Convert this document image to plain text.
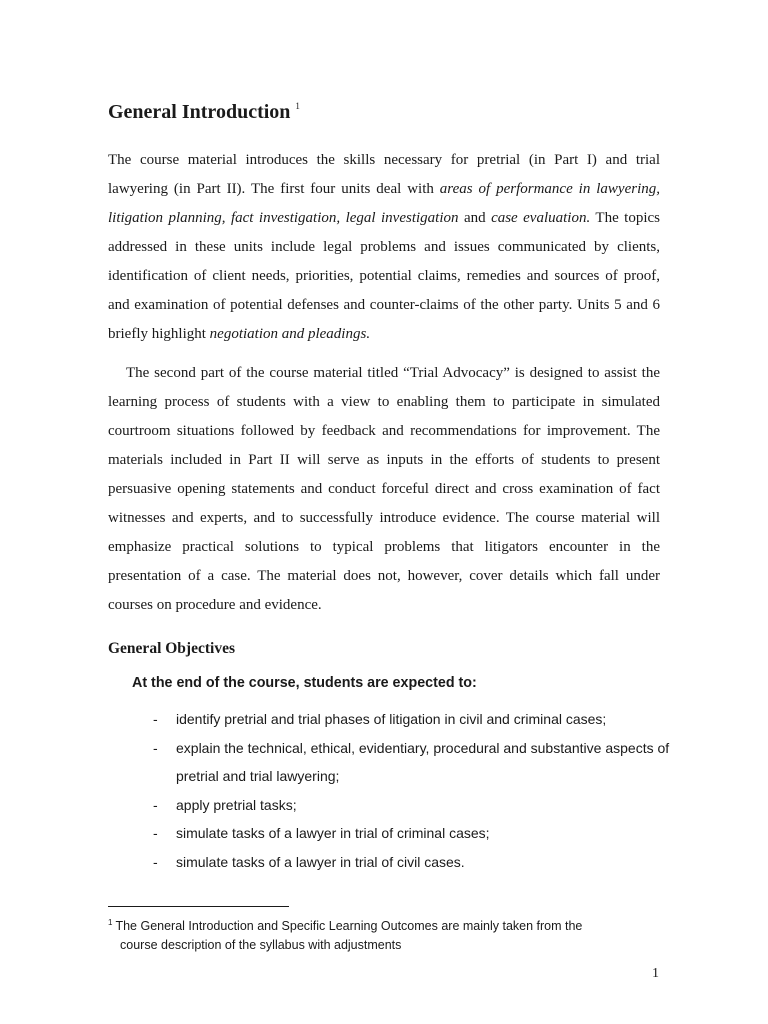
General Introduction $^1$

The course material introduces the skills necessary for pretrial (in Part I) and trial lawyering (in Part II). The first four units deal with areas of performance in lawyering, litigation planning, fact investigation, legal investigation and case evaluation. The topics addressed in these units include legal problems and issues communicated by clients, identification of client needs, priorities, potential claims, remedies and sources of proof, and examination of potential defenses and counter-claims of the other party. Units 5 and 6 briefly highlight negotiation and pleadings.

The second part of the course material titled “Trial Advocacy” is designed to assist the learning process of students with a view to enabling them to participate in simulated courtroom situations followed by feedback and recommendations for improvement. The materials included in Part II will serve as inputs in the efforts of students to present persuasive opening statements and conduct forceful direct and cross examination of fact witnesses and experts, and to successfully introduce evidence. The course material will emphasize practical solutions to typical problems that litigators encounter in the presentation of a case. The material does not, however, cover details which fall under courses on procedure and evidence.

General Objectives

At the end of the course, students are expected to:

- identify pretrial and trial phases of litigation in civil and criminal cases;
- explain the technical, ethical, evidentiary, procedural and substantive aspects of pretrial and trial lawyering;
- apply pretrial tasks;
- simulate tasks of a lawyer in trial of criminal cases;
- simulate tasks of a lawyer in trial of civil cases.

$^1$ The General Introduction and Specific Learning Outcomes are mainly taken from the
course description of the syllabus with adjustments

1
